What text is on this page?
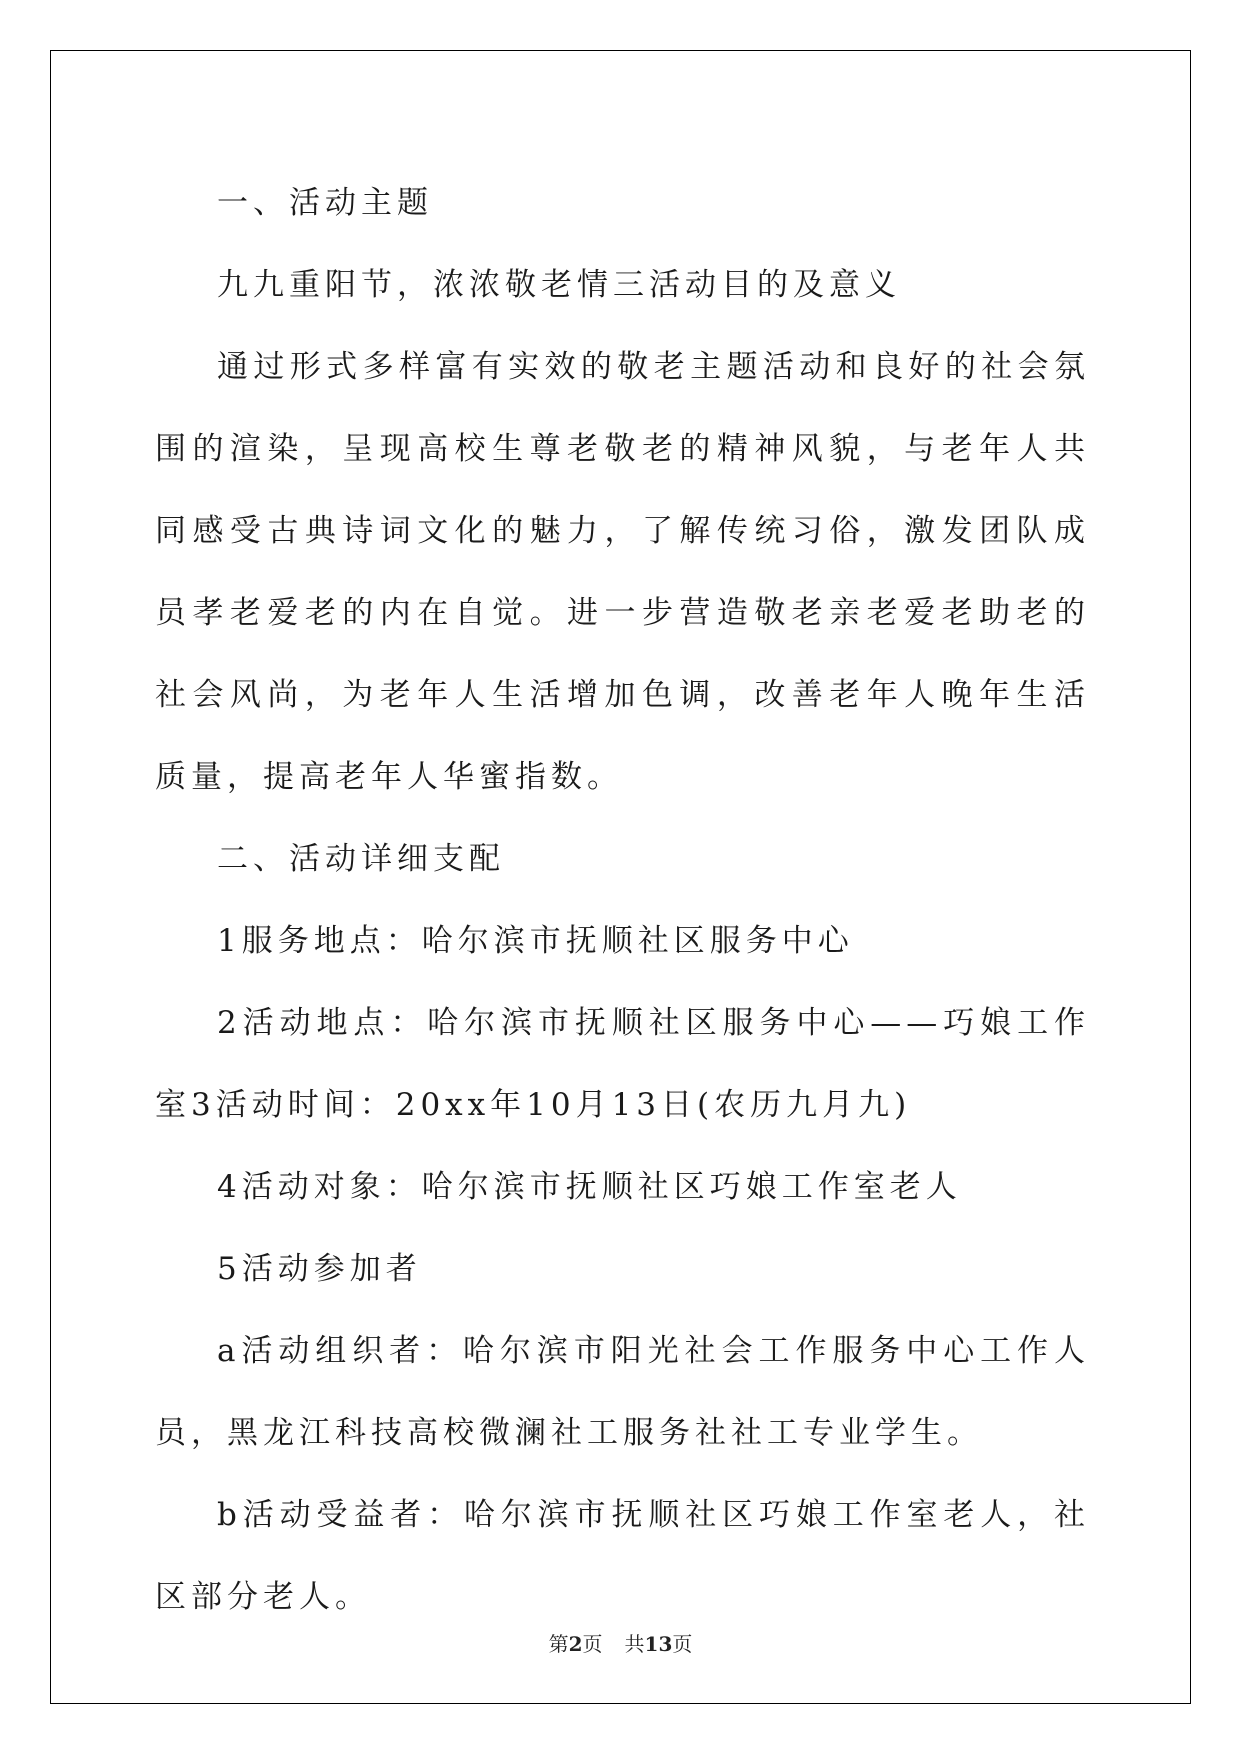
一、活动主题

九九重阳节，浓浓敬老情三活动目的及意义

通过形式多样富有实效的敬老主题活动和良好的社会氛围的渲染，呈现高校生尊老敬老的精神风貌，与老年人共同感受古典诗词文化的魅力，了解传统习俗，激发团队成员孝老爱老的内在自觉。进一步营造敬老亲老爱老助老的社会风尚，为老年人生活增加色调，改善老年人晚年生活质量，提高老年人华蜜指数。

二、活动详细支配

1服务地点：哈尔滨市抚顺社区服务中心

2活动地点：哈尔滨市抚顺社区服务中心——巧娘工作室3活动时间：20xx年10月13日(农历九月九)

4活动对象：哈尔滨市抚顺社区巧娘工作室老人

5活动参加者

a活动组织者：哈尔滨市阳光社会工作服务中心工作人员，黑龙江科技高校微澜社工服务社社工专业学生。

b活动受益者：哈尔滨市抚顺社区巧娘工作室老人，社区部分老人。

第2页 共13页
